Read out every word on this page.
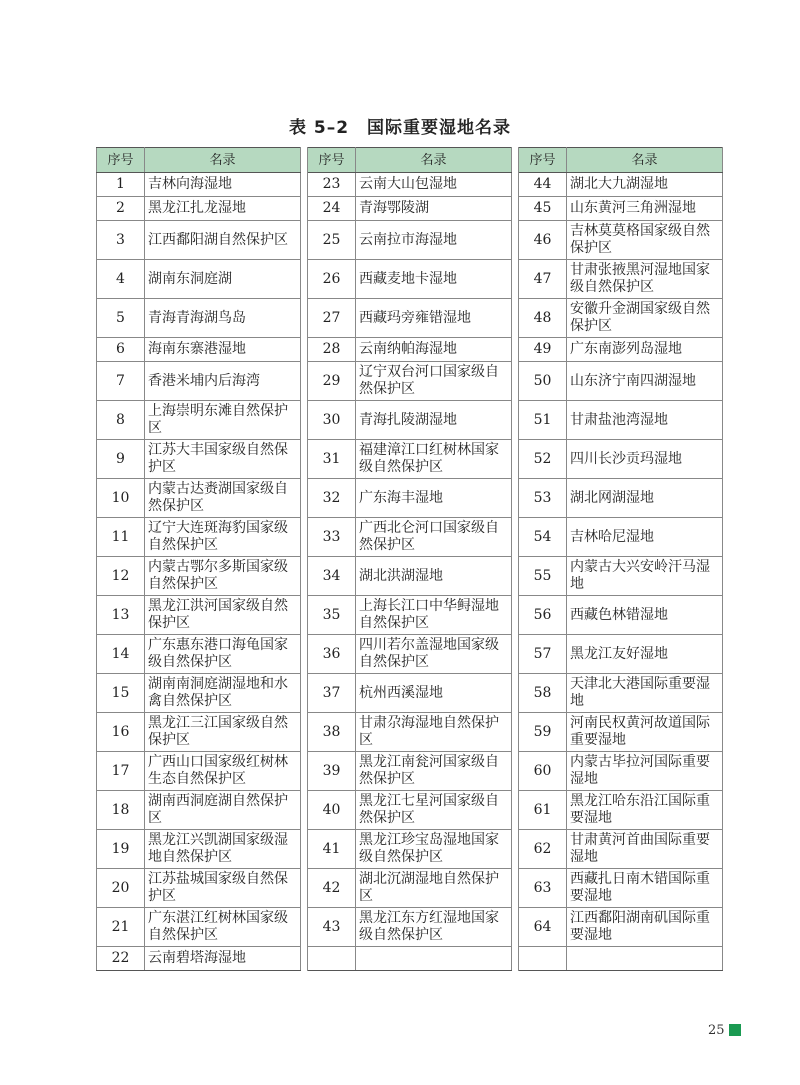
表 5–2　国际重要湿地名录
序号	名录		序号	名录		序号	名录
1	吉林向海湿地		23	云南大山包湿地		44	湖北大九湖湿地
2	黑龙江扎龙湿地		24	青海鄂陵湖		45	山东黄河三角洲湿地
3	江西鄱阳湖自然保护区		25	云南拉市海湿地		46	吉林莫莫格国家级自然保护区
4	湖南东洞庭湖		26	西藏麦地卡湿地		47	甘肃张掖黑河湿地国家级自然保护区
5	青海青海湖鸟岛		27	西藏玛旁雍错湿地		48	安徽升金湖国家级自然保护区
6	海南东寨港湿地		28	云南纳帕海湿地		49	广东南澎列岛湿地
7	香港米埔内后海湾		29	辽宁双台河口国家级自然保护区		50	山东济宁南四湖湿地
8	上海崇明东滩自然保护区		30	青海扎陵湖湿地		51	甘肃盐池湾湿地
9	江苏大丰国家级自然保护区		31	福建漳江口红树林国家级自然保护区		52	四川长沙贡玛湿地
10	内蒙古达赉湖国家级自然保护区		32	广东海丰湿地		53	湖北网湖湿地
11	辽宁大连斑海豹国家级自然保护区		33	广西北仑河口国家级自然保护区		54	吉林哈尼湿地
12	内蒙古鄂尔多斯国家级自然保护区		34	湖北洪湖湿地		55	内蒙古大兴安岭汗马湿地
13	黑龙江洪河国家级自然保护区		35	上海长江口中华鲟湿地自然保护区		56	西藏色林错湿地
14	广东惠东港口海龟国家级自然保护区		36	四川若尔盖湿地国家级自然保护区		57	黑龙江友好湿地
15	湖南南洞庭湖湿地和水禽自然保护区		37	杭州西溪湿地		58	天津北大港国际重要湿地
16	黑龙江三江国家级自然保护区		38	甘肃尕海湿地自然保护区		59	河南民权黄河故道国际重要湿地
17	广西山口国家级红树林生态自然保护区		39	黑龙江南瓮河国家级自然保护区		60	内蒙古毕拉河国际重要湿地
18	湖南西洞庭湖自然保护区		40	黑龙江七星河国家级自然保护区		61	黑龙江哈东沿江国际重要湿地
19	黑龙江兴凯湖国家级湿地自然保护区		41	黑龙江珍宝岛湿地国家级自然保护区		62	甘肃黄河首曲国际重要湿地
20	江苏盐城国家级自然保护区		42	湖北沉湖湿地自然保护区		63	西藏扎日南木错国际重要湿地
21	广东湛江红树林国家级自然保护区		43	黑龙江东方红湿地国家级自然保护区		64	江西鄱阳湖南矶国际重要湿地
22	云南碧塔海湿地						
25
